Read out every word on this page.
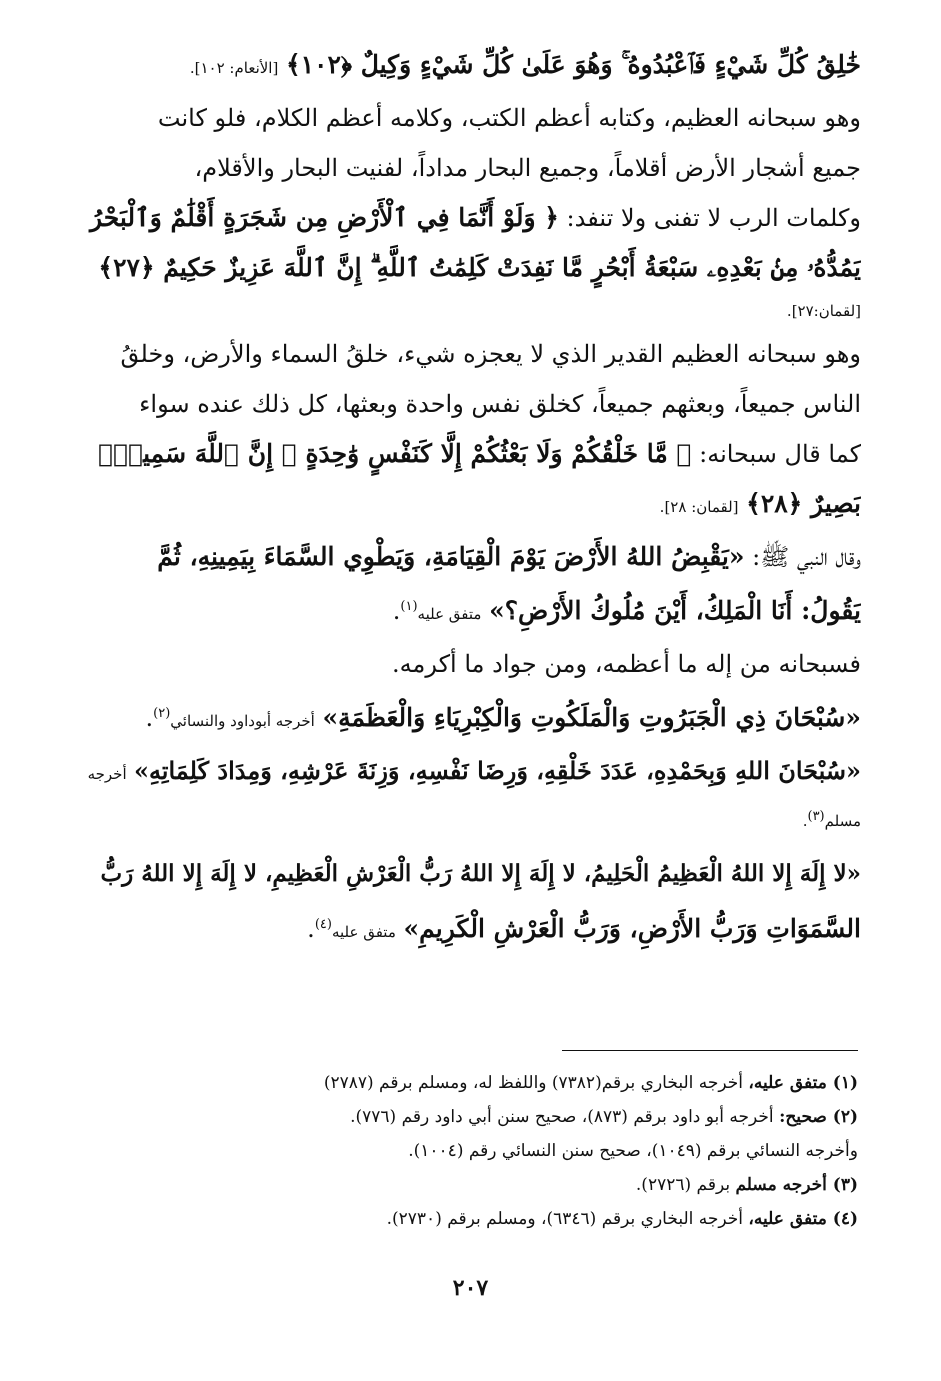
خَٰلِقُ كُلِّ شَيْءٍ فَٱعْبُدُوهُ ۚ وَهُوَ عَلَىٰ كُلِّ شَيْءٍ وَكِيلٌ ﴿١٠٢﴾ [الأنعام: ١٠٢].
وهو سبحانه العظيم، وكتابه أعظم الكتب، وكلامه أعظم الكلام، فلو كانت
جميع أشجار الأرض أقلاماً، وجميع البحار مداداً، لفنيت البحار والأقلام،
وكلمات الرب لا تفنى ولا تنفد: ﴿ وَلَوْ أَنَّمَا فِي ٱلْأَرْضِ مِن شَجَرَةٍ أَقْلَٰمٌ وَٱلْبَحْرُ
يَمُدُّهُۥ مِنۢ بَعْدِهِۦ سَبْعَةُ أَبْحُرٍ مَّا نَفِدَتْ كَلِمَٰتُ ٱللَّهِ ۗ إِنَّ ٱللَّهَ عَزِيزٌ حَكِيمٌ ﴿٢٧﴾
[لقمان:٢٧].
وهو سبحانه العظيم القدير الذي لا يعجزه شيء، خلقُ السماء والأرض، وخلقُ
الناس جميعاً، وبعثهم جميعاً، كخلق نفس واحدة وبعثها، كل ذلك عنده سواء
كما قال سبحانه: ﴿ مَّا خَلْقُكُمْ وَلَا بَعْثُكُمْ إِلَّا كَنَفْسٍ وَٰحِدَةٍ ۗ إِنَّ ٱللَّهَ سَمِيعٌۢ
بَصِيرٌ ﴿٢٨﴾ [لقمان: ٢٨].
وقال النبي ﷺ: «يَقْبِضُ اللهُ الأَرْضَ يَوْمَ الْقِيَامَةِ، وَيَطْوِي السَّمَاءَ بِيَمِينِهِ، ثُمَّ
يَقُولُ: أَنَا الْمَلِكُ، أَيْنَ مُلُوكُ الأَرْضِ؟» متفق عليه$^{(١)}$.
فسبحانه من إله ما أعظمه، ومن جواد ما أكرمه.
«سُبْحَانَ ذِي الْجَبَرُوتِ وَالْمَلَكُوتِ وَالْكِبْرِيَاءِ وَالْعَظَمَةِ» أخرجه أبوداود والنسائي$^{(٢)}$.
«سُبْحَانَ اللهِ وَبِحَمْدِهِ، عَدَدَ خَلْقِهِ، وَرِضَا نَفْسِهِ، وَزِنَةَ عَرْشِهِ، وَمِدَادَ كَلِمَاتِهِ» أخرجه
مسلم(٣).
«لا إِلَهَ إِلا اللهُ الْعَظِيمُ الْحَلِيمُ، لا إِلَهَ إِلا اللهُ رَبُّ الْعَرْشِ الْعَظِيمِ، لا إِلَهَ إِلا اللهُ رَبُّ
السَّمَوَاتِ وَرَبُّ الأَرْضِ، وَرَبُّ الْعَرْشِ الْكَرِيمِ» متفق عليه$^{(٤)}$.
(١) متفق عليه، أخرجه البخاري برقم(٧٣٨٢) واللفظ له، ومسلم برقم (٢٧٨٧)
(٢) صحيح: أخرجه أبو داود برقم (٨٧٣)، صحيح سنن أبي داود رقم (٧٧٦).
وأخرجه النسائي برقم (١٠٤٩)، صحيح سنن النسائي رقم (١٠٠٤).
(٣) أخرجه مسلم برقم (٢٧٢٦).
(٤) متفق عليه، أخرجه البخاري برقم (٦٣٤٦)، ومسلم برقم (٢٧٣٠).
٢٠٧
